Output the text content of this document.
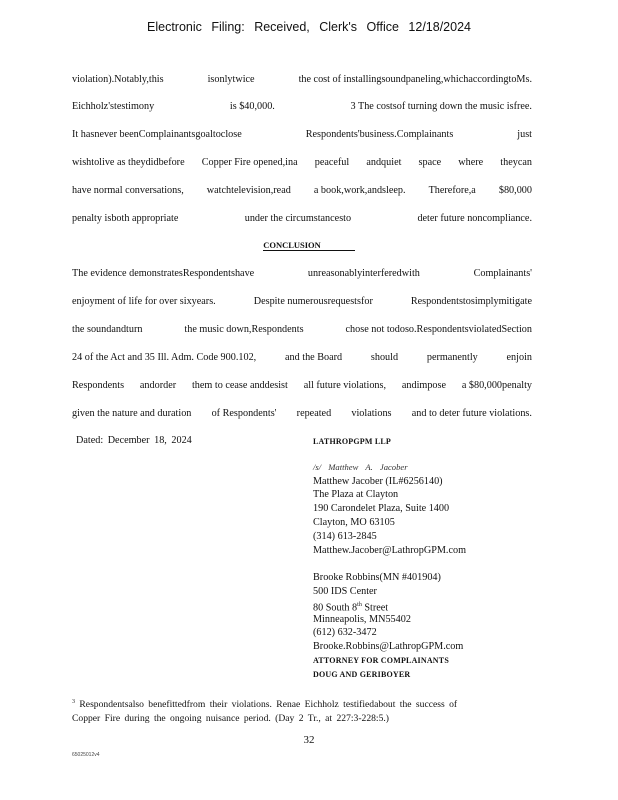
Electronic Filing: Received, Clerk's Office 12/18/2024
violation).Notably,this	isonlytwice	the cost of installingsoundpaneling,whichaccordingtoMs.
Eichholz'stestimony	is $40,000.	3 The costsof turning down the music isfree.
It hasnever beenComplainantsgoaltoclose	Respondents'business.Complainants	just
wishtolive as theydidbefore Copper Fire opened,ina peaceful andquiet space where theycan
have normal conversations, watchtelevision,read a book,work,andsleep. Therefore,a $80,000
penalty isboth appropriate	under the circumstancesto	deter future noncompliance.
CONCLUSION
The evidence demonstratesRespondentshave	unreasonablyinterferedwith	Complainants'
enjoyment of life for over sixyears.	Despite numerousrequestsfor	Respondentstosimplymitigate
the soundandturn	the music down,Respondents	chose not todoso.RespondentsviolatedSection
24 of the Act and 35 Ill. Adm. Code 900.102,	and the Board	should	permanently	enjoin
Respondents andorder them to cease anddesist all future violations, andimpose a $80,000penalty
given the nature and duration of Respondents' repeated violations and to deter future violations.
Dated: December 18, 2024	LATHROPGPM LLP
/s/ Matthew A. Jacober
Matthew Jacober (IL#6256140)
The Plaza at Clayton
190 Carondelet Plaza, Suite 1400
Clayton, MO 63105
(314) 613-2845
Matthew.Jacober@LathropGPM.com
Brooke Robbins(MN #401904)
500 IDS Center
80 South 8th Street
Minneapolis, MN55402
(612) 632-3472
Brooke.Robbins@LathropGPM.com
ATTORNEY FOR COMPLAINANTS
DOUG AND GERIBOYER
$^3$ Respondentsalso benefittedfrom their violations. Renae Eichholz testifiedabout the success of
Copper Fire during the ongoing nuisance period. (Day 2 Tr., at 227:3-228:5.)
32
65025012v4
